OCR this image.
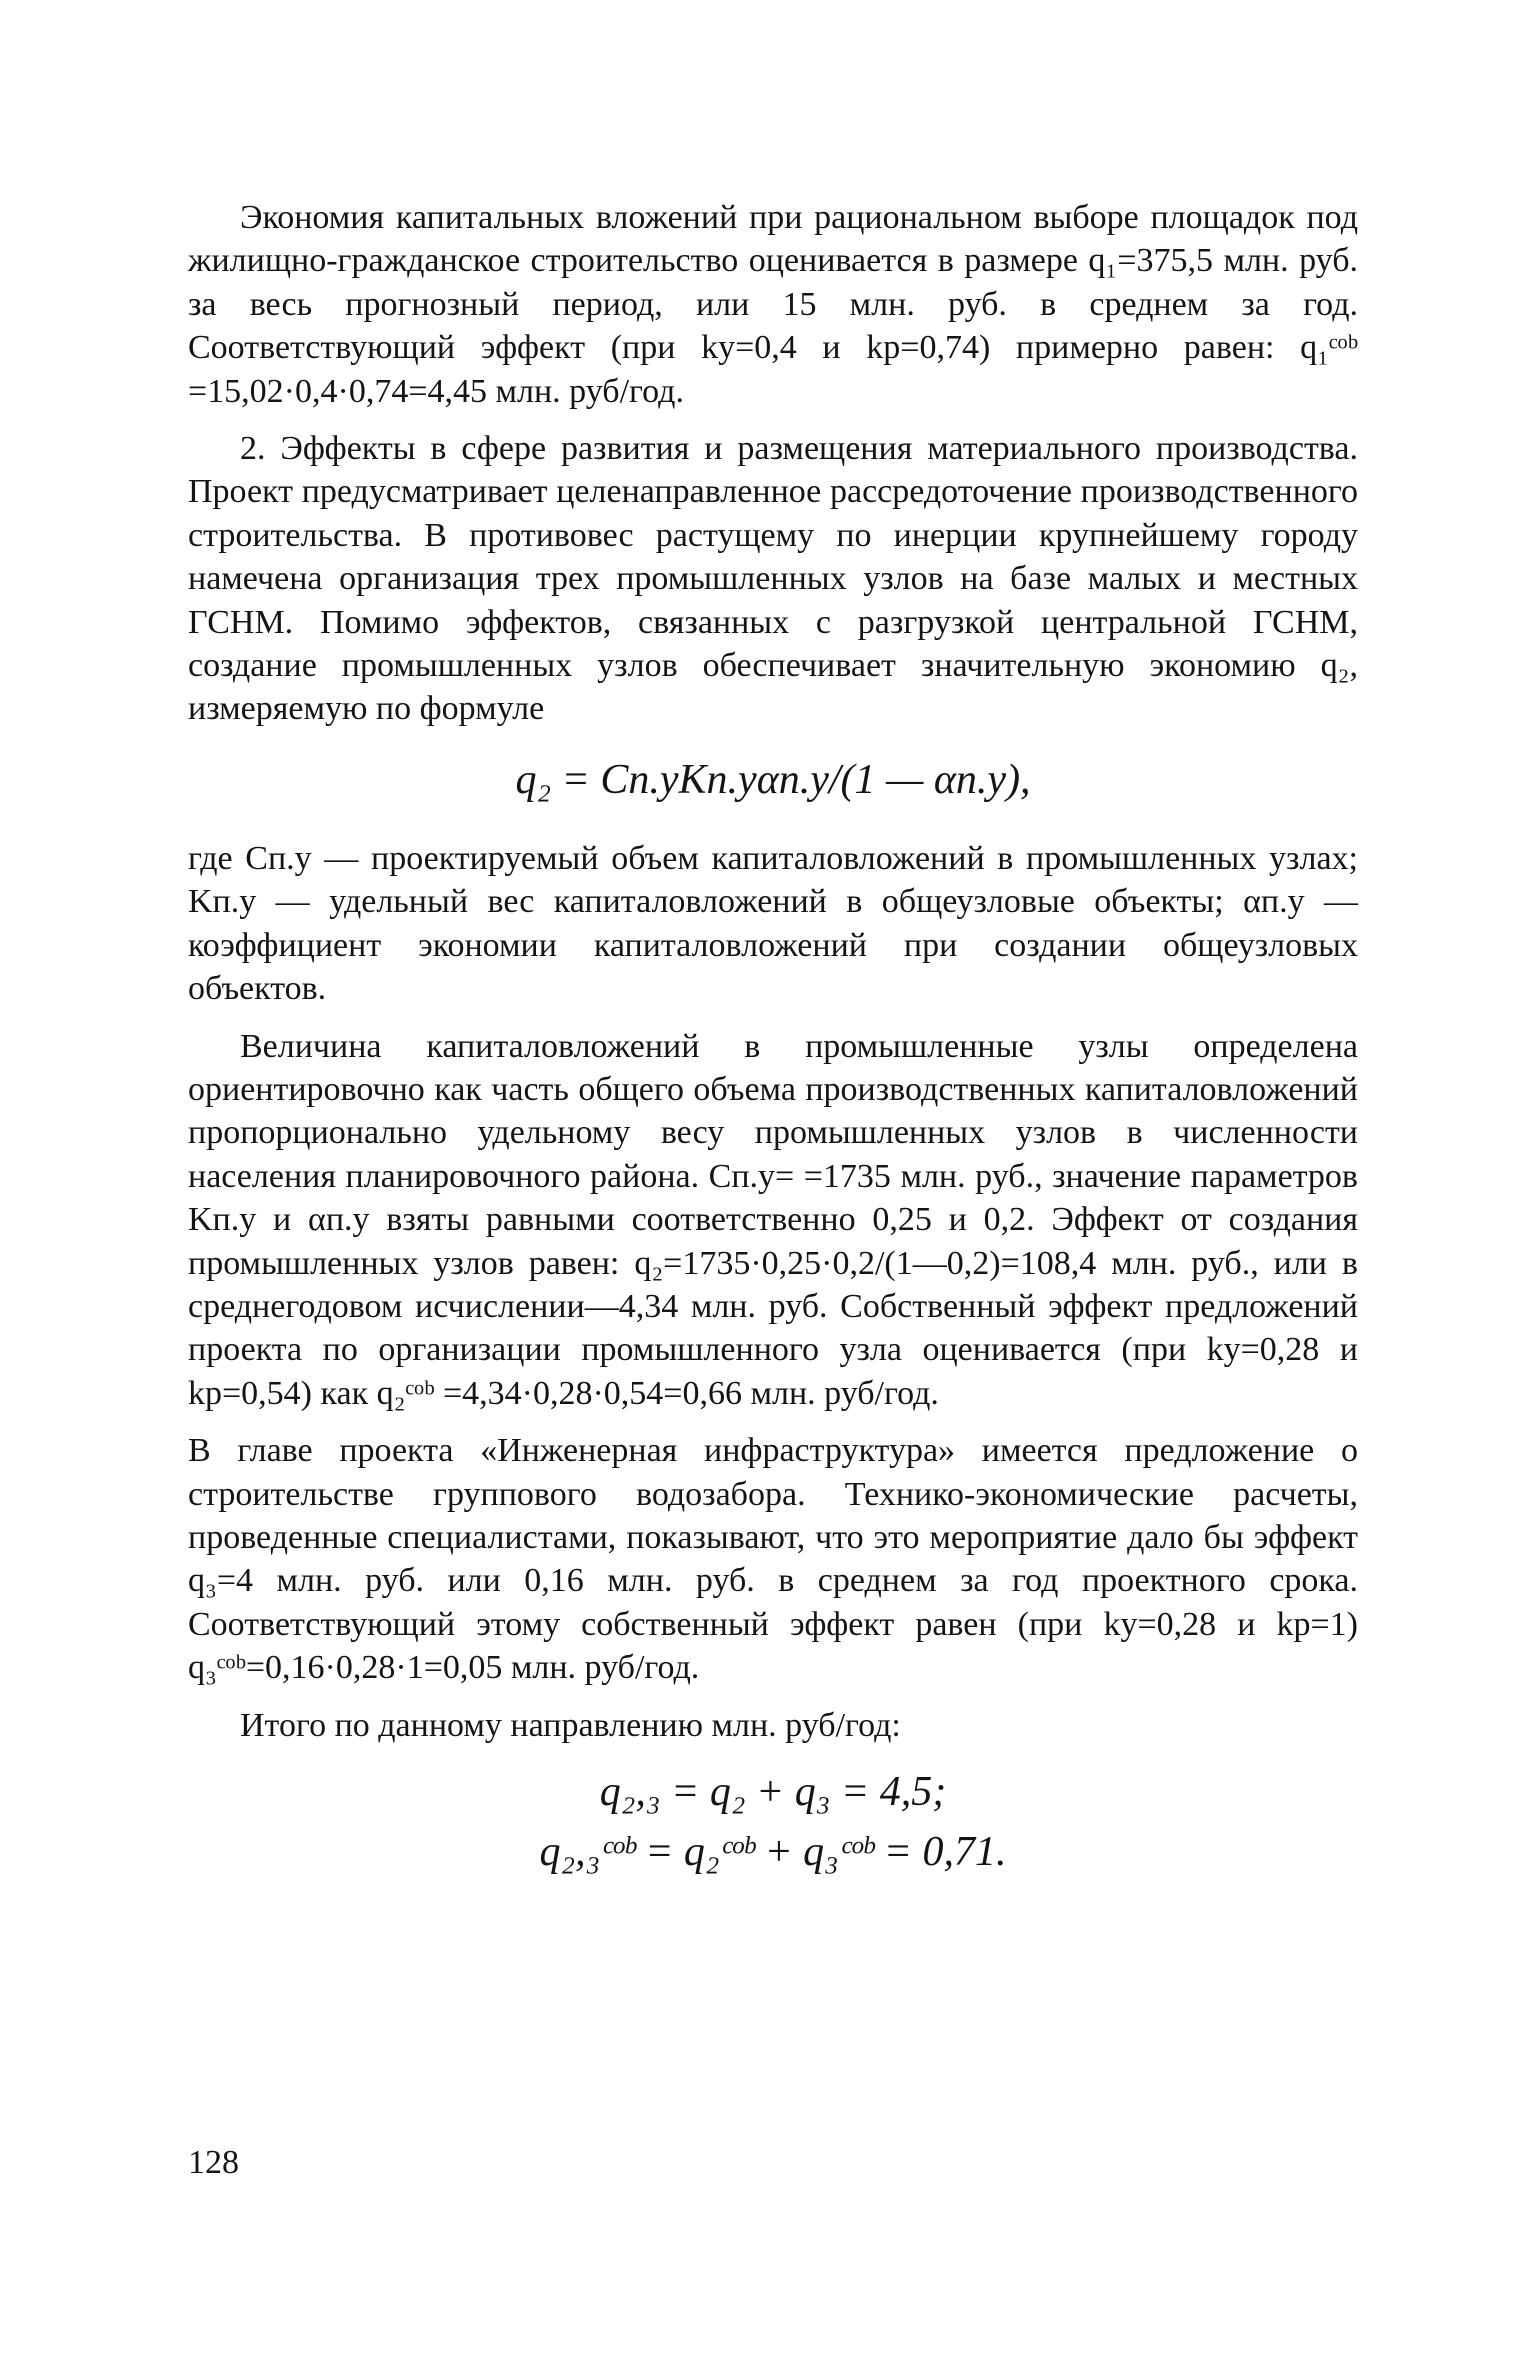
Экономия капитальных вложений при рациональном выборе площадок под жилищно-гражданское строительство оценивается в размере q₁=375,5 млн. руб. за весь прогнозный период, или 15 млн. руб. в среднем за год. Соответствующий эффект (при kу=0,4 и kр=0,74) примерно равен: q₁ᶜᵒᵇ =15,02·0,4·0,74=4,45 млн. руб/год.

2. Эффекты в сфере развития и размещения материального производства. Проект предусматривает целенаправленное рассредоточение производственного строительства. В противовес растущему по инерции крупнейшему городу намечена организация трех промышленных узлов на базе малых и местных ГСНМ. Помимо эффектов, связанных с разгрузкой центральной ГСНМ, создание промышленных узлов обеспечивает значительную экономию q₂, измеряемую по формуле

q₂ = Cп.уKп.уαп.у/(1 — αп.у),

где Cп.у — проектируемый объем капиталовложений в промышленных узлах; Kп.у — удельный вес капиталовложений в общеузловые объекты; αп.у — коэффициент экономии капиталовложений при создании общеузловых объектов.

Величина капиталовложений в промышленные узлы определена ориентировочно как часть общего объема производственных капиталовложений пропорционально удельному весу промышленных узлов в численности населения планировочного района. Cп.у= =1735 млн. руб., значение параметров Kп.у и αп.у взяты равными соответственно 0,25 и 0,2. Эффект от создания промышленных узлов равен: q₂=1735·0,25·0,2/(1—0,2)=108,4 млн. руб., или в среднегодовом исчислении—4,34 млн. руб. Собственный эффект предложений проекта по организации промышленного узла оценивается (при kу=0,28 и kр=0,54) как q₂ᶜᵒᵇ =4,34·0,28·0,54=0,66 млн. руб/год.

В главе проекта «Инженерная инфраструктура» имеется предложение о строительстве группового водозабора. Технико-экономические расчеты, проведенные специалистами, показывают, что это мероприятие дало бы эффект q₃=4 млн. руб. или 0,16 млн. руб. в среднем за год проектного срока. Соответствующий этому собственный эффект равен (при kу=0,28 и kр=1) q₃ᶜᵒᵇ=0,16·0,28·1=0,05 млн. руб/год.

Итого по данному направлению млн. руб/год:

q₂,₃ = q₂ + q₃ = 4,5;
q₂,₃ᶜᵒᵇ = q₂ᶜᵒᵇ + q₃ᶜᵒᵇ = 0,71.
128
